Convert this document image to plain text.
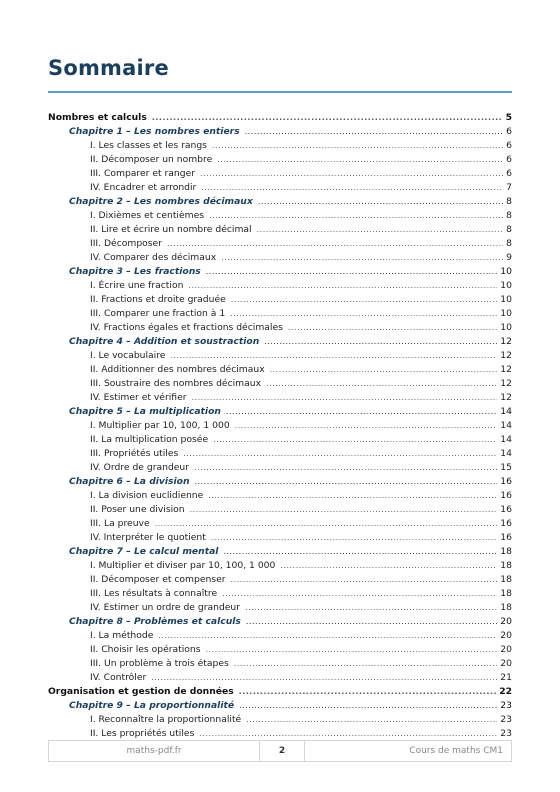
Sommaire
Nombres et calculs .....	5
Chapitre 1 – Les nombres entiers .....	6
I. Les classes et les rangs .....	6
II. Décomposer un nombre .....	6
III. Comparer et ranger .....	6
IV. Encadrer et arrondir .....	7
Chapitre 2 – Les nombres décimaux .....	8
I. Dixièmes et centièmes .....	8
II. Lire et écrire un nombre décimal .....	8
III. Décomposer .....	8
IV. Comparer des décimaux .....	9
Chapitre 3 – Les fractions .....	10
I. Écrire une fraction .....	10
II. Fractions et droite graduée .....	10
III. Comparer une fraction à 1 .....	10
IV. Fractions égales et fractions décimales .....	10
Chapitre 4 – Addition et soustraction .....	12
I. Le vocabulaire .....	12
II. Additionner des nombres décimaux .....	12
III. Soustraire des nombres décimaux .....	12
IV. Estimer et vérifier .....	12
Chapitre 5 – La multiplication .....	14
I. Multiplier par 10, 100, 1 000 .....	14
II. La multiplication posée .....	14
III. Propriétés utiles .....	14
IV. Ordre de grandeur .....	15
Chapitre 6 – La division .....	16
I. La division euclidienne .....	16
II. Poser une division .....	16
III. La preuve .....	16
IV. Interpréter le quotient .....	16
Chapitre 7 – Le calcul mental .....	18
I. Multiplier et diviser par 10, 100, 1 000 .....	18
II. Décomposer et compenser .....	18
III. Les résultats à connaître .....	18
IV. Estimer un ordre de grandeur .....	18
Chapitre 8 – Problèmes et calculs .....	20
I. La méthode .....	20
II. Choisir les opérations .....	20
III. Un problème à trois étapes .....	20
IV. Contrôler .....	21
Organisation et gestion de données .....	22
Chapitre 9 – La proportionnalité .....	23
I. Reconnaître la proportionnalité .....	23
II. Les propriétés utiles .....	23
maths-pdf.fr	2	Cours de maths CM1
